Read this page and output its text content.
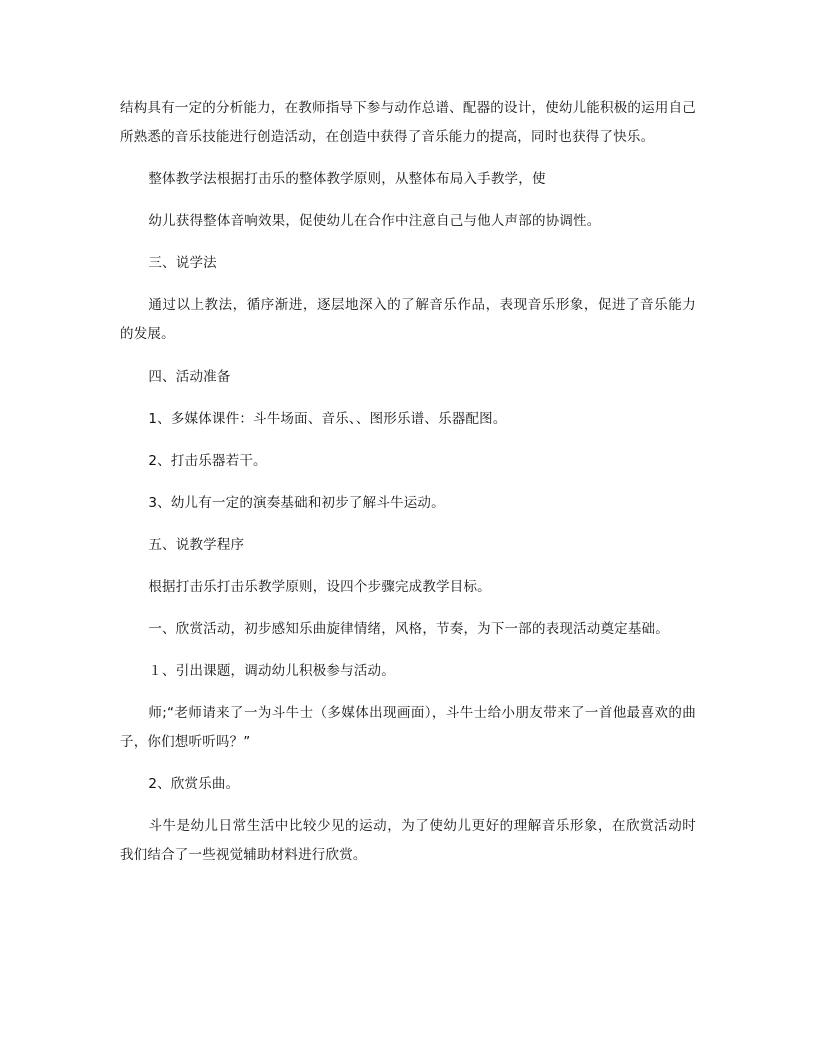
结构具有一定的分析能力，在教师指导下参与动作总谱、配器的设计，使幼儿能积极的运用自己所熟悉的音乐技能进行创造活动，在创造中获得了音乐能力的提高，同时也获得了快乐。

整体教学法根据打击乐的整体教学原则，从整体布局入手教学，使

幼儿获得整体音响效果，促使幼儿在合作中注意自己与他人声部的协调性。

三、说学法

通过以上教法，循序渐进，逐层地深入的了解音乐作品，表现音乐形象，促进了音乐能力的发展。

四、活动准备

1、多媒体课件：斗牛场面、音乐、、图形乐谱、乐器配图。

2、打击乐器若干。

3、幼儿有一定的演奏基础和初步了解斗牛运动。

五、说教学程序

根据打击乐打击乐教学原则，设四个步骤完成教学目标。

一、欣赏活动，初步感知乐曲旋律情绪，风格，节奏，为下一部的表现活动奠定基础。

１、引出课题，调动幼儿积极参与活动。

师;“老师请来了一为斗牛士（多媒体出现画面），斗牛士给小朋友带来了一首他最喜欢的曲子，你们想听听吗？”

2、欣赏乐曲。

斗牛是幼儿日常生活中比较少见的运动，为了使幼儿更好的理解音乐形象，在欣赏活动时我们结合了一些视觉辅助材料进行欣赏。
